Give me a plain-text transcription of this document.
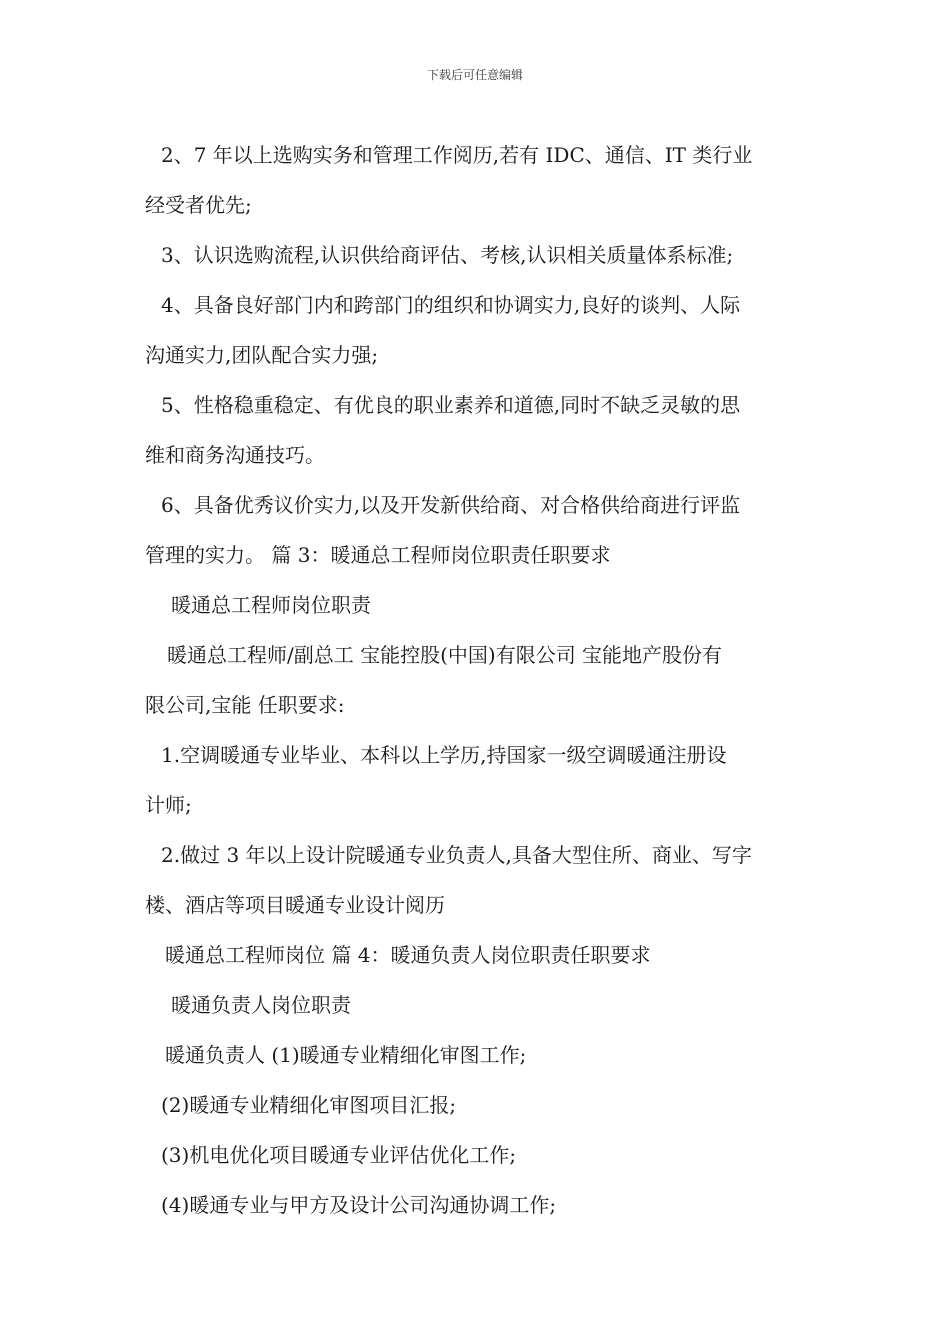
下载后可任意编辑
2、7 年以上选购实务和管理工作阅历,若有 IDC、通信、IT 类行业
经受者优先;
3、认识选购流程,认识供给商评估、考核,认识相关质量体系标准;
4、具备良好部门内和跨部门的组织和协调实力,良好的谈判、人际
沟通实力,团队配合实力强;
5、性格稳重稳定、有优良的职业素养和道德,同时不缺乏灵敏的思
维和商务沟通技巧。
6、具备优秀议价实力,以及开发新供给商、对合格供给商进行评监
管理的实力。 篇 3：暖通总工程师岗位职责任职要求
暖通总工程师岗位职责
暖通总工程师/副总工 宝能控股(中国)有限公司 宝能地产股份有
限公司,宝能 任职要求:
1.空调暖通专业毕业、本科以上学历,持国家一级空调暖通注册设
计师;
2.做过 3 年以上设计院暖通专业负责人,具备大型住所、商业、写字
楼、酒店等项目暖通专业设计阅历
暖通总工程师岗位 篇 4：暖通负责人岗位职责任职要求
暖通负责人岗位职责
暖通负责人 (1)暖通专业精细化审图工作;
(2)暖通专业精细化审图项目汇报;
(3)机电优化项目暖通专业评估优化工作;
(4)暖通专业与甲方及设计公司沟通协调工作;
